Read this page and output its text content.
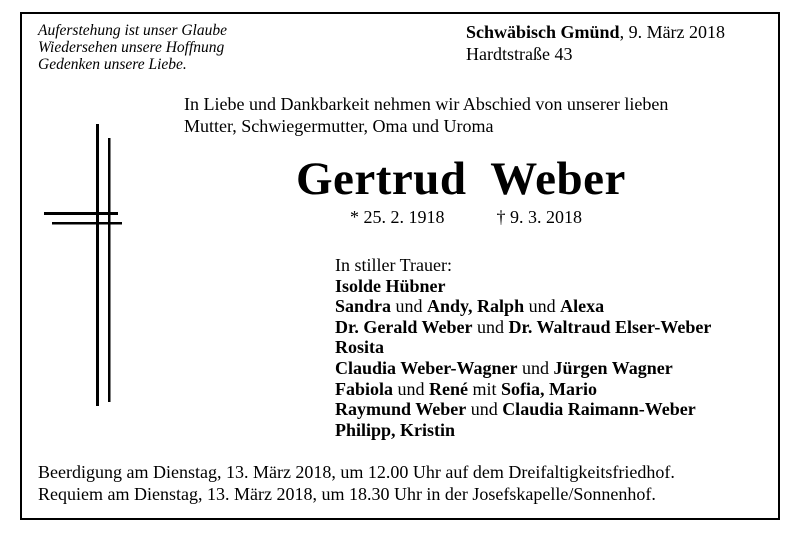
Auferstehung ist unser Glaube
Wiedersehen unsere Hoffnung
Gedenken unsere Liebe.
Schwäbisch Gmünd, 9. März 2018
Hardtstraße 43
In Liebe und Dankbarkeit nehmen wir Abschied von unserer lieben
Mutter, Schwiegermutter, Oma und Uroma
Gertrud  Weber
* 25. 2. 1918	† 9. 3. 2018
In stiller Trauer:
Isolde Hübner
Sandra und Andy, Ralph und Alexa
Dr. Gerald Weber und Dr. Waltraud Elser-Weber
Rosita
Claudia Weber-Wagner und Jürgen Wagner
Fabiola und René mit Sofia, Mario
Raymund Weber und Claudia Raimann-Weber
Philipp, Kristin
Beerdigung am Dienstag, 13. März 2018, um 12.00 Uhr auf dem Dreifaltigkeitsfriedhof.
Requiem am Dienstag, 13. März 2018, um 18.30 Uhr in der Josefskapelle/Sonnenhof.
